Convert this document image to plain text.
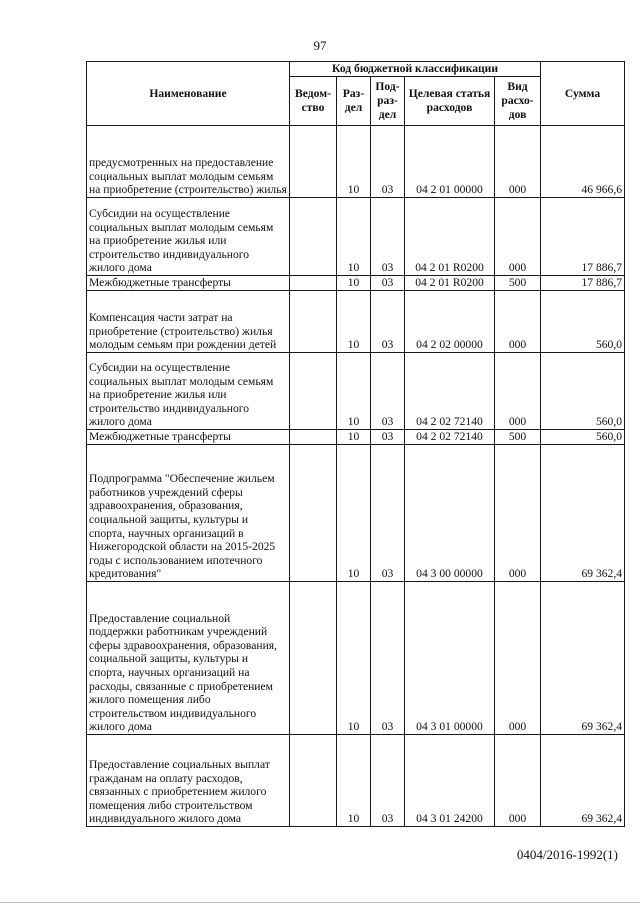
97
Наименование	Код бюджетной классификации					Сумма
	Ведом-ство	Раз-дел	Под-раз-дел	Целевая статья расходов	Вид расхо-дов	
предусмотренных на предоставление социальных выплат молодым семьям на приобретение (строительство) жилья		10	03	04 2 01 00000	000	46 966,6
Субсидии на осуществление социальных выплат молодым семьям на приобретение жилья или строительство индивидуального жилого дома		10	03	04 2 01 R0200	000	17 886,7
Межбюджетные трансферты		10	03	04 2 01 R0200	500	17 886,7
Компенсация части затрат на приобретение (строительство) жилья молодым семьям при рождении детей		10	03	04 2 02 00000	000	560,0
Субсидии на осуществление социальных выплат молодым семьям на приобретение жилья или строительство индивидуального жилого дома		10	03	04 2 02 72140	000	560,0
Межбюджетные трансферты		10	03	04 2 02 72140	500	560,0
Подпрограмма "Обеспечение жильем работников учреждений сферы здравоохранения, образования, социальной защиты, культуры и спорта, научных организаций в Нижегородской области на 2015-2025 годы с использованием ипотечного кредитования"		10	03	04 3 00 00000	000	69 362,4
Предоставление социальной поддержки работникам учреждений сферы здравоохранения, образования, социальной защиты, культуры и спорта, научных организаций на расходы, связанные с приобретением жилого помещения либо строительством индивидуального жилого дома		10	03	04 3 01 00000	000	69 362,4
Предоставление социальных выплат гражданам на оплату расходов, связанных с приобретением жилого помещения либо строительством индивидуального жилого дома		10	03	04 3 01 24200	000	69 362,4
0404/2016-1992(1)
